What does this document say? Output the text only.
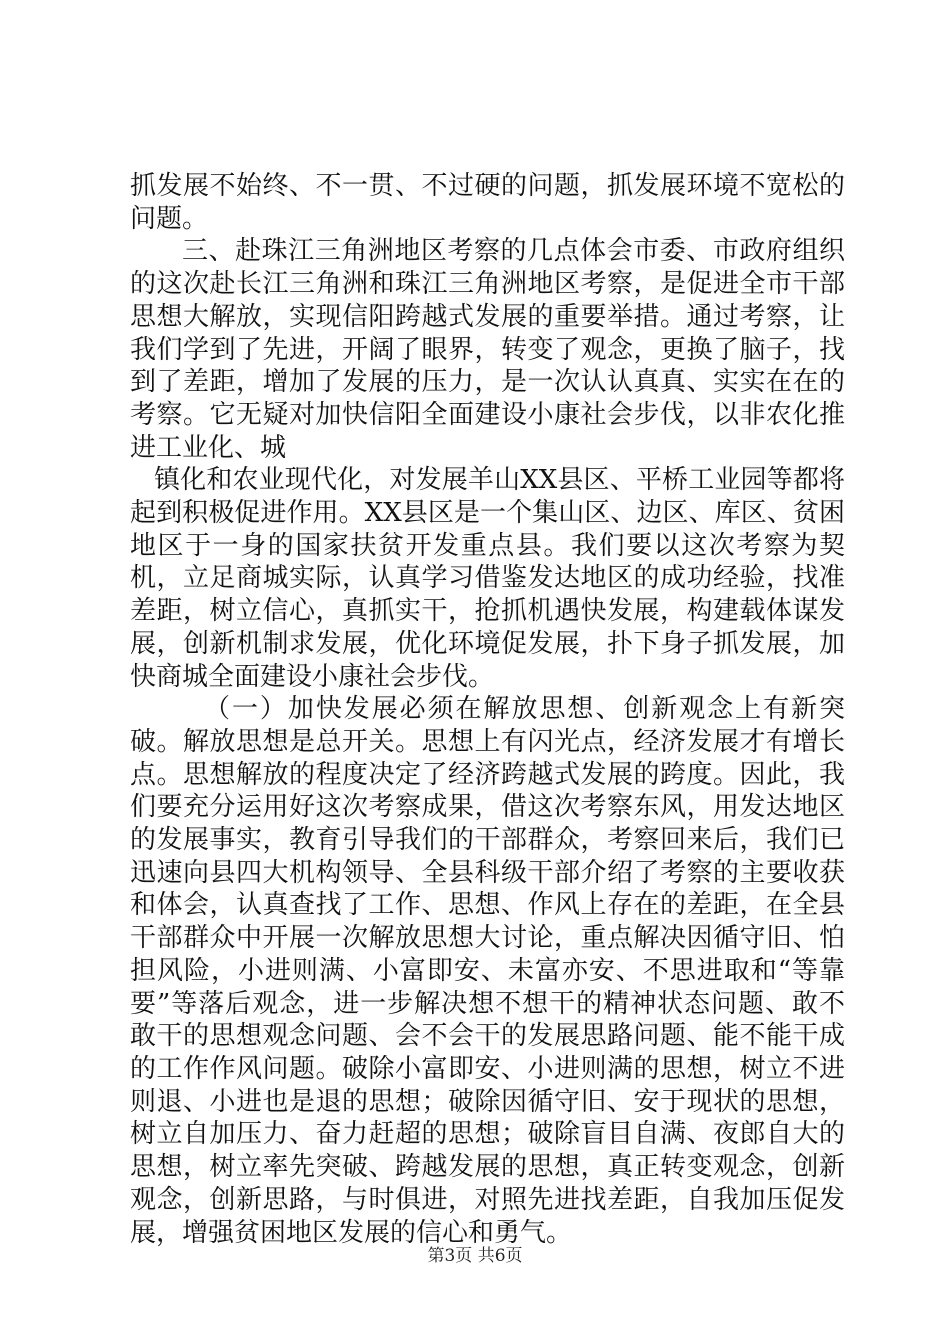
抓发展不始终、不一贯、不过硬的问题，抓发展环境不宽松的问题。

三、赴珠江三角洲地区考察的几点体会市委、市政府组织的这次赴长江三角洲和珠江三角洲地区考察，是促进全市干部思想大解放，实现信阳跨越式发展的重要举措。通过考察，让我们学到了先进，开阔了眼界，转变了观念，更换了脑子，找到了差距，增加了发展的压力，是一次认认真真、实实在在的考察。它无疑对加快信阳全面建设小康社会步伐，以非农化推进工业化、城

镇化和农业现代化，对发展羊山XX县区、平桥工业园等都将起到积极促进作用。XX县区是一个集山区、边区、库区、贫困地区于一身的国家扶贫开发重点县。我们要以这次考察为契机，立足商城实际，认真学习借鉴发达地区的成功经验，找准差距，树立信心，真抓实干，抢抓机遇快发展，构建载体谋发展，创新机制求发展，优化环境促发展，扑下身子抓发展，加快商城全面建设小康社会步伐。

（一）加快发展必须在解放思想、创新观念上有新突破。解放思想是总开关。思想上有闪光点，经济发展才有增长点。思想解放的程度决定了经济跨越式发展的跨度。因此，我们要充分运用好这次考察成果，借这次考察东风，用发达地区的发展事实，教育引导我们的干部群众，考察回来后，我们已迅速向县四大机构领导、全县科级干部介绍了考察的主要收获和体会，认真查找了工作、思想、作风上存在的差距，在全县干部群众中开展一次解放思想大讨论，重点解决因循守旧、怕担风险，小进则满、小富即安、未富亦安、不思进取和“等靠要”等落后观念，进一步解决想不想干的精神状态问题、敢不敢干的思想观念问题、会不会干的发展思路问题、能不能干成的工作作风问题。破除小富即安、小进则满的思想，树立不进则退、小进也是退的思想；破除因循守旧、安于现状的思想，树立自加压力、奋力赶超的思想；破除盲目自满、夜郎自大的思想，树立率先突破、跨越发展的思想，真正转变观念，创新观念，创新思路，与时俱进，对照先进找差距，自我加压促发展，增强贫困地区发展的信心和勇气。

第3页 共6页
